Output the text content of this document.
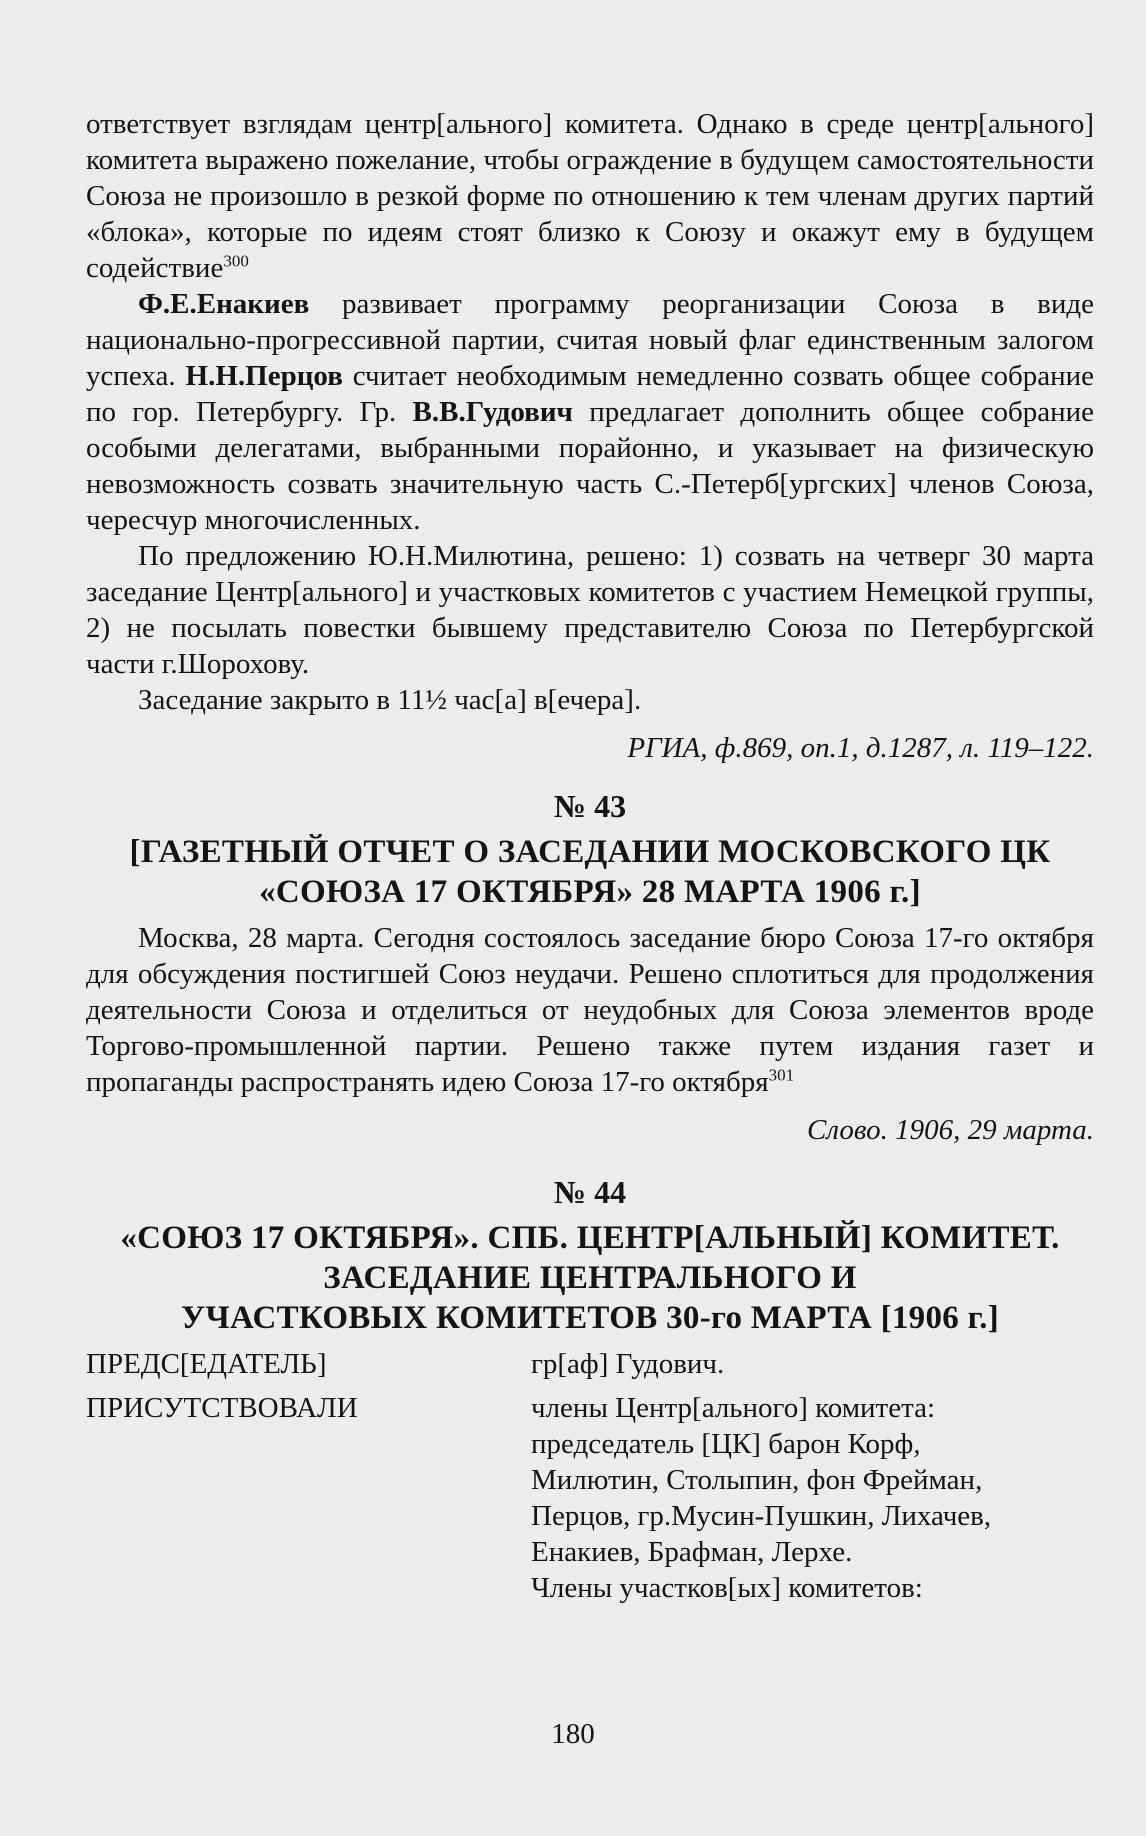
ответствует взглядам центр[ального] комитета. Однако в среде центр[ального] комитета выражено пожелание, чтобы ограждение в будущем самостоятельности Союза не произошло в резкой форме по отношению к тем членам других партий «блока», которые по идеям стоят близко к Союзу и окажут ему в будущем содействие$^{300}$

Ф.Е.Енакиев развивает программу реорганизации Союза в виде национально-прогрессивной партии, считая новый флаг единственным залогом успеха. Н.Н.Перцов считает необходимым немедленно созвать общее собрание по гор. Петербургу. Гр. В.В.Гудович предлагает дополнить общее собрание особыми делегатами, выбранными порайонно, и указывает на физическую невозможность созвать значительную часть С.-Петерб[ургских] членов Союза, чересчур многочисленных.

По предложению Ю.Н.Милютина, решено: 1) созвать на четверг 30 марта заседание Центр[ального] и участковых комитетов с участием Немецкой группы, 2) не посылать повестки бывшему представителю Союза по Петербургской части г.Шорохову.

Заседание закрыто в 11½ час[а] в[ечера].

РГИА, ф.869, оп.1, д.1287, л. 119–122.

№ 43
[ГАЗЕТНЫЙ ОТЧЕТ О ЗАСЕДАНИИ МОСКОВСКОГО ЦК
«СОЮЗА 17 ОКТЯБРЯ» 28 МАРТА 1906 г.]

Москва, 28 марта. Сегодня состоялось заседание бюро Союза 17-го октября для обсуждения постигшей Союз неудачи. Решено сплотиться для продолжения деятельности Союза и отделиться от неудобных для Союза элементов вроде Торгово-промышленной партии. Решено также путем издания газет и пропаганды распространять идею Союза 17-го октября$^{301}$

Слово. 1906, 29 марта.

№ 44
«СОЮЗ 17 ОКТЯБРЯ». СПБ. ЦЕНТР[АЛЬНЫЙ] КОМИТЕТ.
ЗАСЕДАНИЕ ЦЕНТРАЛЬНОГО И
УЧАСТКОВЫХ КОМИТЕТОВ 30-го МАРТА [1906 г.]
ПРЕДС[ЕДАТЕЛЬ]	гр[аф] Гудович.
ПРИСУТСТВОВАЛИ	члены Центр[ального] комитета:
председатель [ЦК] барон Корф,
Милютин, Столыпин, фон Фрейман,
Перцов, гр.Мусин-Пушкин, Лихачев,
Енакиев, Брафман, Лерхе.
Члены участков[ых] комитетов:
180
